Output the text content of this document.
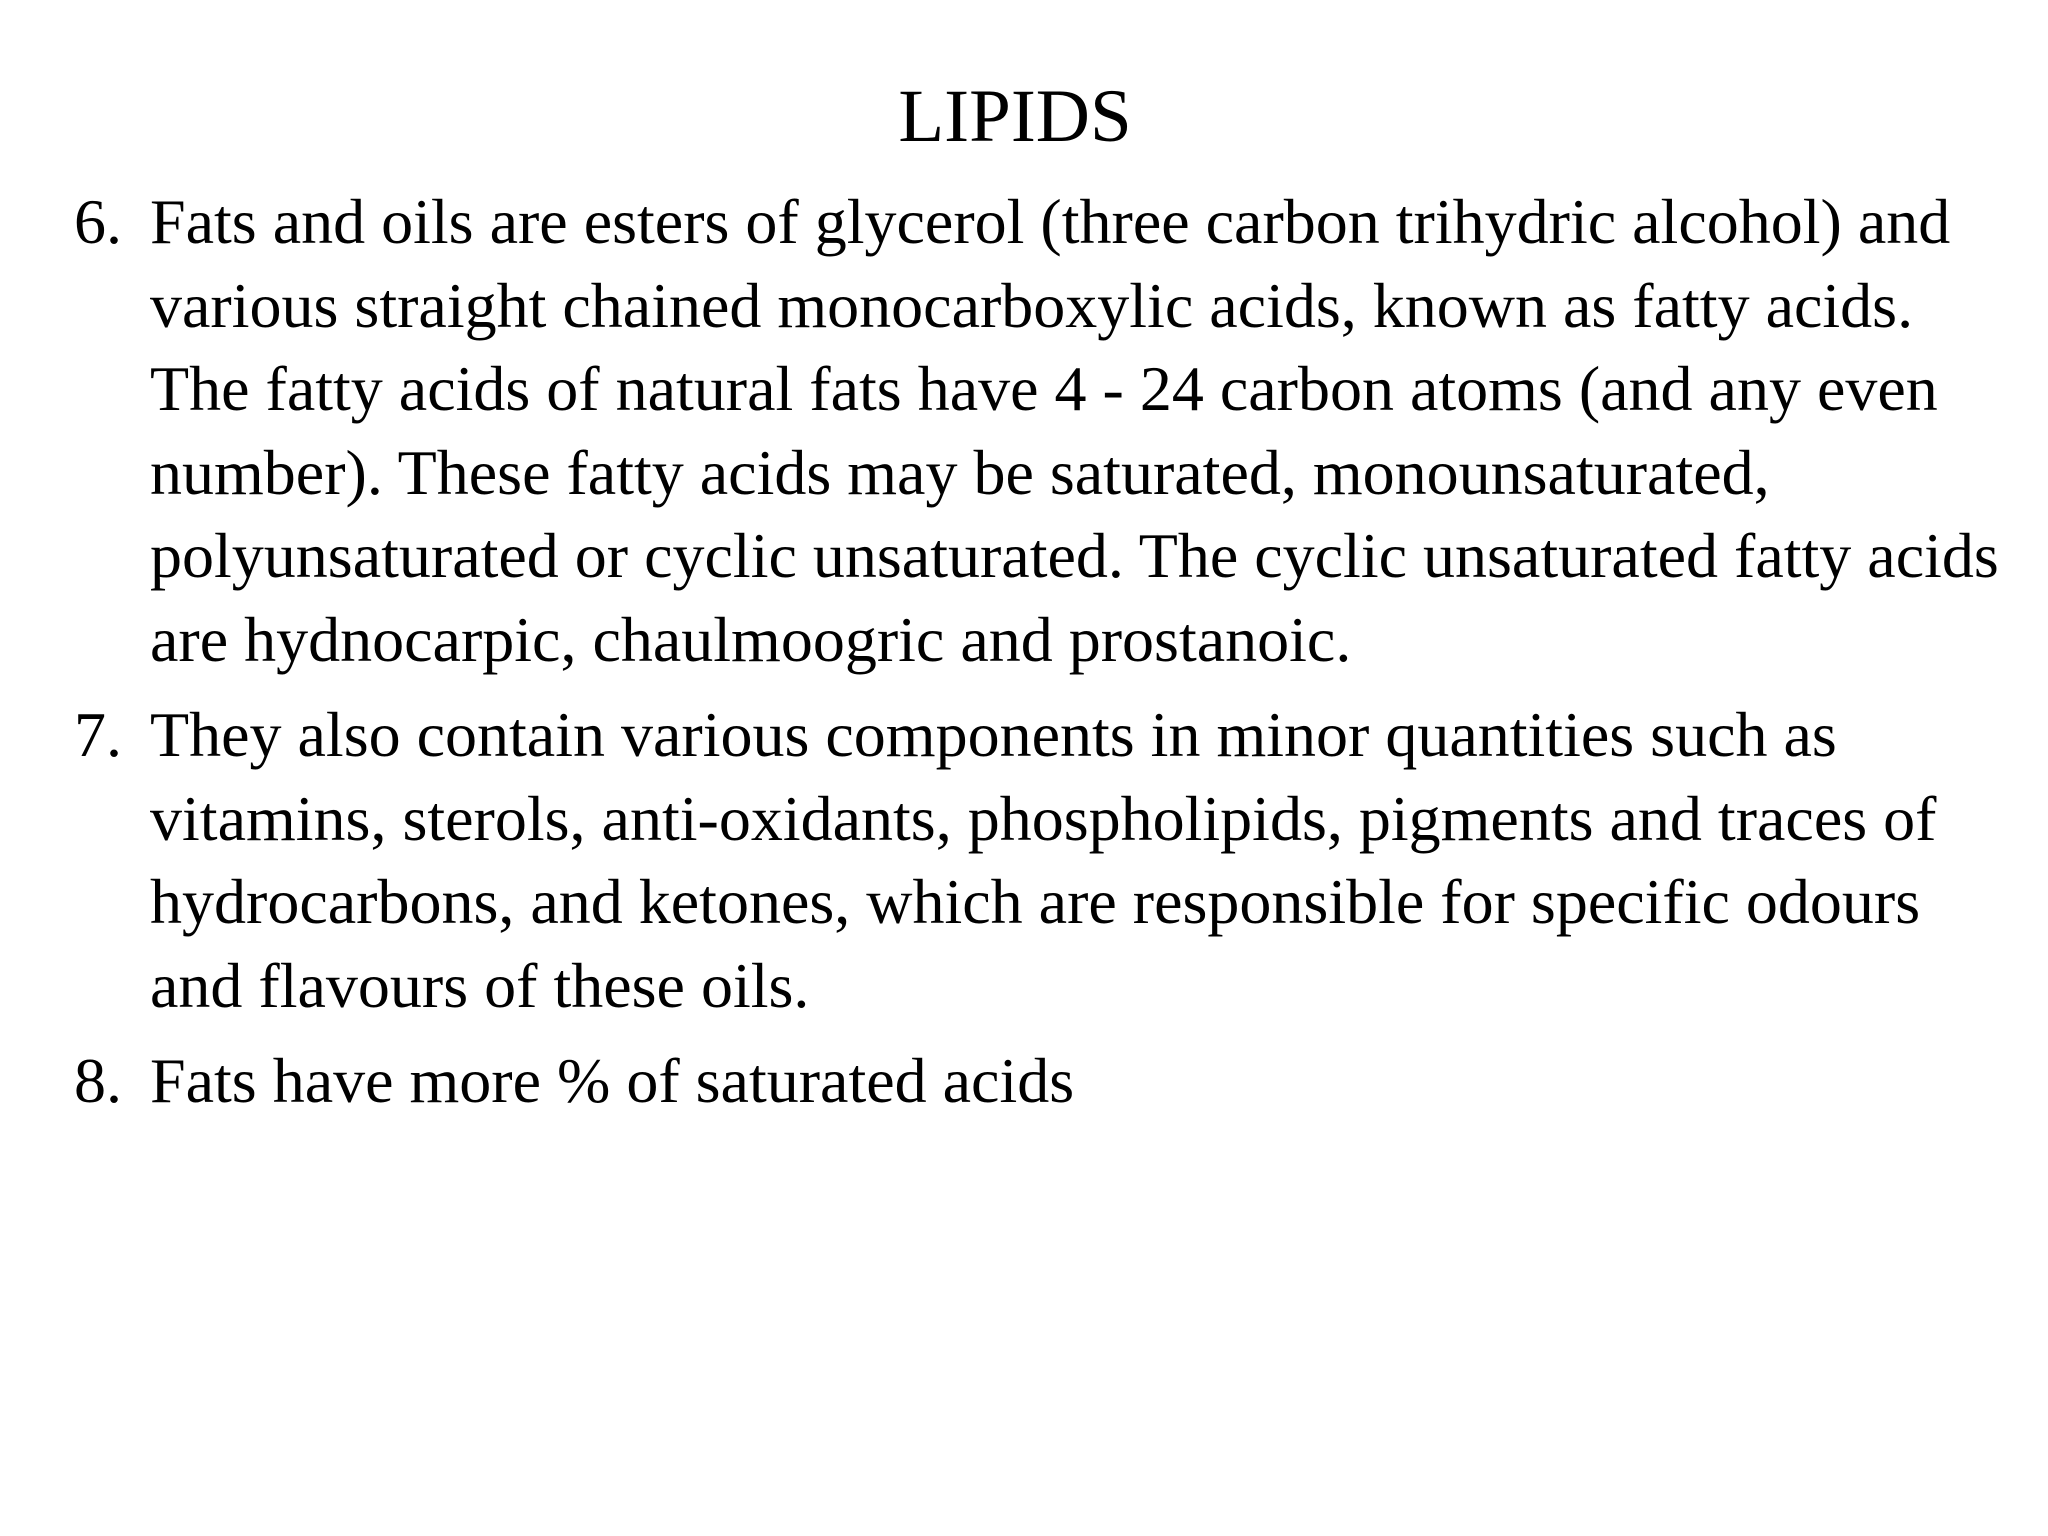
LIPIDS
6. Fats and oils are esters of glycerol (three carbon trihydric alcohol) and various straight chained monocarboxylic acids, known as fatty acids. The fatty acids of natural fats have 4 - 24 carbon atoms (and any even number). These fatty acids may be saturated, monounsaturated, polyunsaturated or cyclic unsaturated. The cyclic unsaturated fatty acids are hydnocarpic, chaulmoogric and prostanoic.
7. They also contain various components in minor quantities such as vitamins, sterols, anti-oxidants, phospholipids, pigments and traces of hydrocarbons, and ketones, which are responsible for specific odours and flavours of these oils.
8. Fats have more % of saturated acids
